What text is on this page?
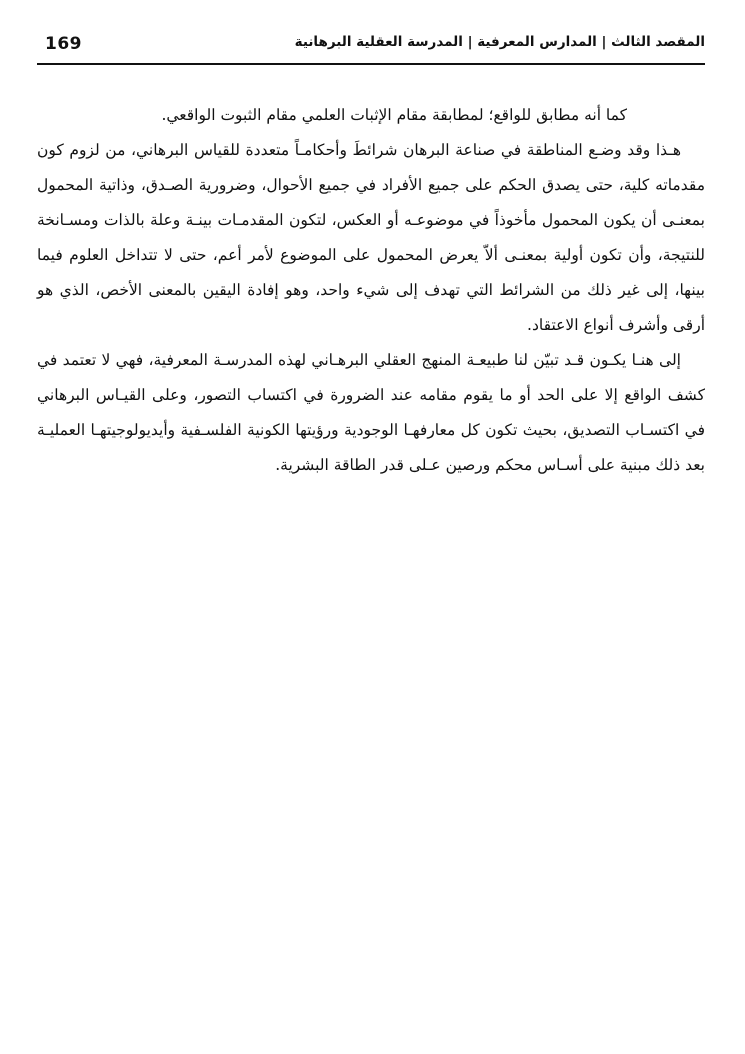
169	المقصد الثالث | المدارس المعرفية | المدرسة العقلية البرهانية

كما أنه مطابق للواقع؛ لمطابقة مقام الإثبات العلمي مقام الثبوت الواقعي.

هـذا وقد وضـع المناطقة في صناعة البرهان شرائطَ وأحكامـاً متعددة للقياس البرهاني، من لزوم كون مقدماته كلية، حتى يصدق الحكم على جميع الأفراد في جميع الأحوال، وضرورية الصـدق، وذاتية المحمول بمعنـى أن يكون المحمول مأخوذاً في موضوعـه أو العكس، لتكون المقدمـات بينـة وعلة بالذات ومسـانخة للنتيجة، وأن تكون أولية بمعنـى ألاّ يعرض المحمول على الموضوع لأمر أعم، حتى لا تتداخل العلوم فيما بينها، إلى غير ذلك من الشرائط التي تهدف إلى شيء واحد، وهو إفادة اليقين بالمعنى الأخص، الذي هو أرقى وأشرف أنواع الاعتقاد.

إلى هنـا يكـون قـد تبيّن لنا طبيعـة المنهج العقلي البرهـاني لهذه المدرسـة المعرفية، فهي لا تعتمد في كشف الواقع إلا على الحد أو ما يقوم مقامه عند الضرورة في اكتساب التصور، وعلى القيـاس البرهاني في اكتسـاب التصديق، بحيث تكون كل معارفهـا الوجودية ورؤيتها الكونية الفلسـفية وأيديولوجيتهـا العمليـة بعد ذلك مبنية على أسـاس محكم ورصين عـلى قدر الطاقة البشرية.
